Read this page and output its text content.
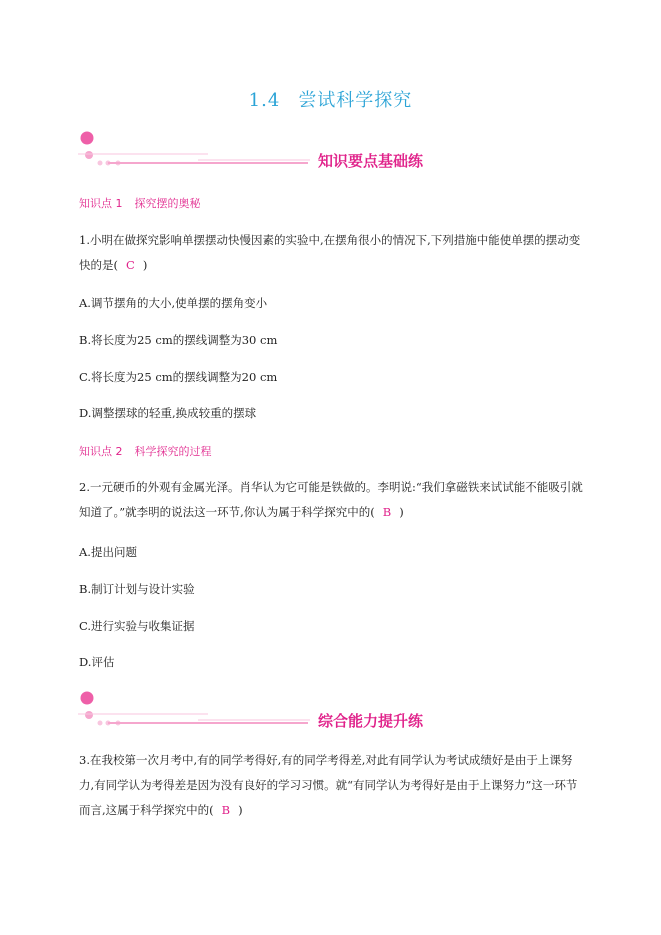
1.4 尝试科学探究
知识要点基础练
知识点 1 探究摆的奥秘
1.小明在做探究影响单摆摆动快慢因素的实验中,在摆角很小的情况下,下列措施中能使单摆的摆动变快的是( C )
A.调节摆角的大小,使单摆的摆角变小
B.将长度为25 cm的摆线调整为30 cm
C.将长度为25 cm的摆线调整为20 cm
D.调整摆球的轻重,换成较重的摆球
知识点 2 科学探究的过程
2.一元硬币的外观有金属光泽。肖华认为它可能是铁做的。李明说:“我们拿磁铁来试试能不能吸引就知道了。”就李明的说法这一环节,你认为属于科学探究中的( B )
A.提出问题
B.制订计划与设计实验
C.进行实验与收集证据
D.评估
综合能力提升练
3.在我校第一次月考中,有的同学考得好,有的同学考得差,对此有同学认为考试成绩好是由于上课努力,有同学认为考得差是因为没有良好的学习习惯。就“有同学认为考得好是由于上课努力”这一环节而言,这属于科学探究中的( B )
